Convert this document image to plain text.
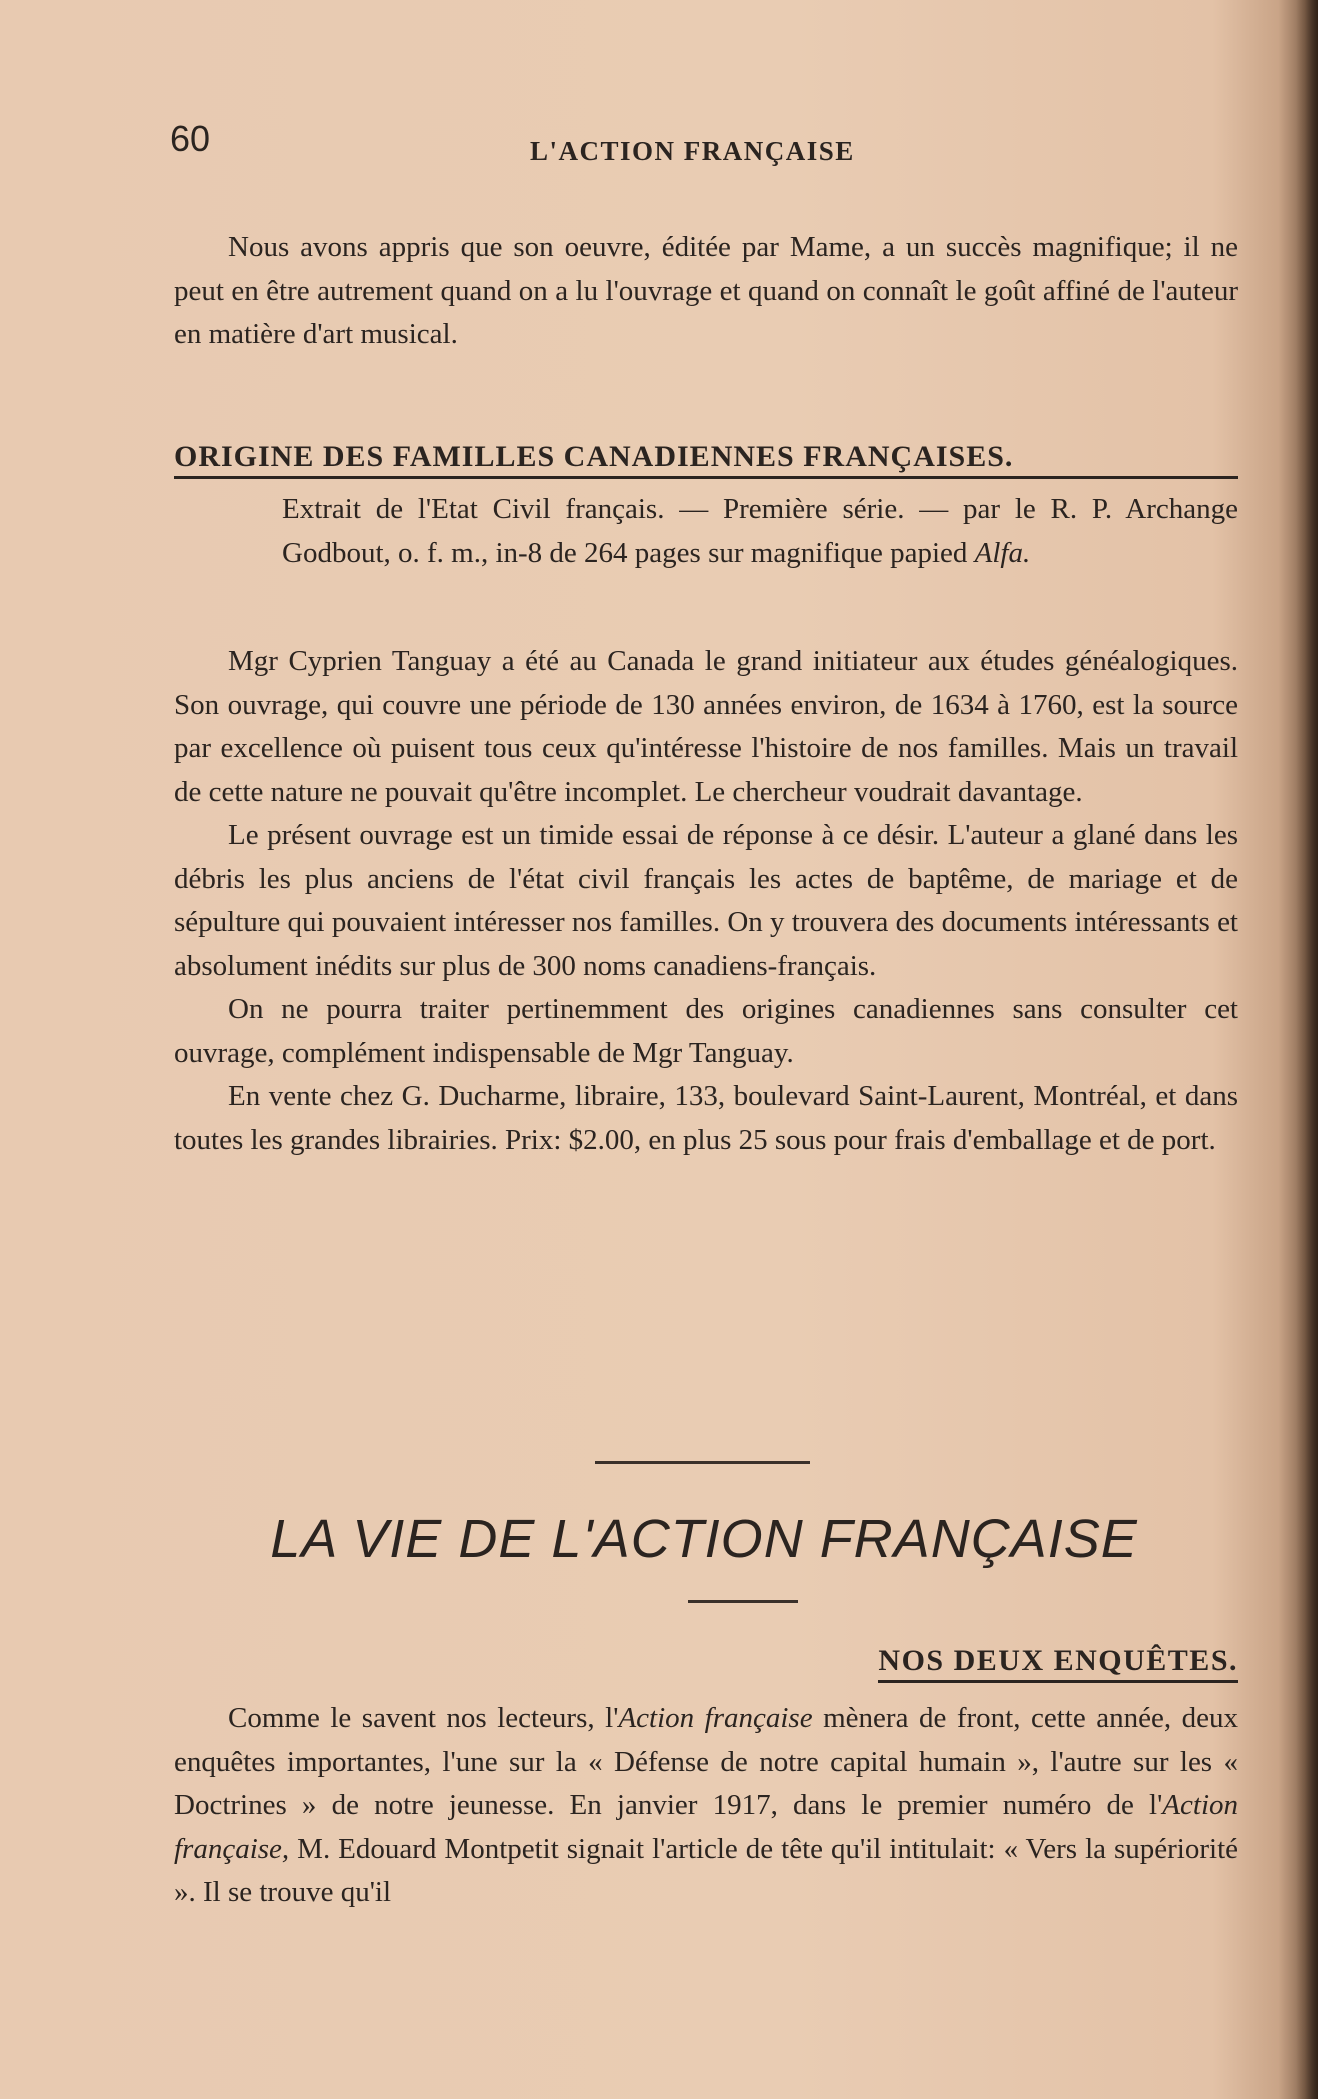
60	L'ACTION FRANÇAISE

Nous avons appris que son oeuvre, éditée par Mame, a un succès magnifique; il ne peut en être autrement quand on a lu l'ouvrage et quand on connaît le goût affiné de l'auteur en matière d'art musical.

ORIGINE DES FAMILLES CANADIENNES FRANÇAISES.
Extrait de l'Etat Civil français. — Première série. — par le R. P. Archange Godbout, o. f. m., in-8 de 264 pages sur magnifique papied Alfa.

Mgr Cyprien Tanguay a été au Canada le grand initiateur aux études généalogiques. Son ouvrage, qui couvre une période de 130 années environ, de 1634 à 1760, est la source par excellence où puisent tous ceux qu'intéresse l'histoire de nos familles. Mais un travail de cette nature ne pouvait qu'être incomplet. Le chercheur voudrait davantage.

Le présent ouvrage est un timide essai de réponse à ce désir. L'auteur a glané dans les débris les plus anciens de l'état civil français les actes de baptême, de mariage et de sépulture qui pouvaient intéresser nos familles. On y trouvera des documents intéressants et absolument inédits sur plus de 300 noms canadiens-français.

On ne pourra traiter pertinemment des origines canadiennes sans consulter cet ouvrage, complément indispensable de Mgr Tanguay.

En vente chez G. Ducharme, libraire, 133, boulevard Saint-Laurent, Montréal, et dans toutes les grandes librairies. Prix: $2.00, en plus 25 sous pour frais d'emballage et de port.

LA VIE DE L'ACTION FRANÇAISE
NOS DEUX ENQUÊTES.

Comme le savent nos lecteurs, l'Action française mènera de front, cette année, deux enquêtes importantes, l'une sur la « Défense de notre capital humain », l'autre sur les « Doctrines » de notre jeunesse. En janvier 1917, dans le premier numéro de l'Action française, M. Edouard Montpetit signait l'article de tête qu'il intitulait: « Vers la supériorité ». Il se trouve qu'il
